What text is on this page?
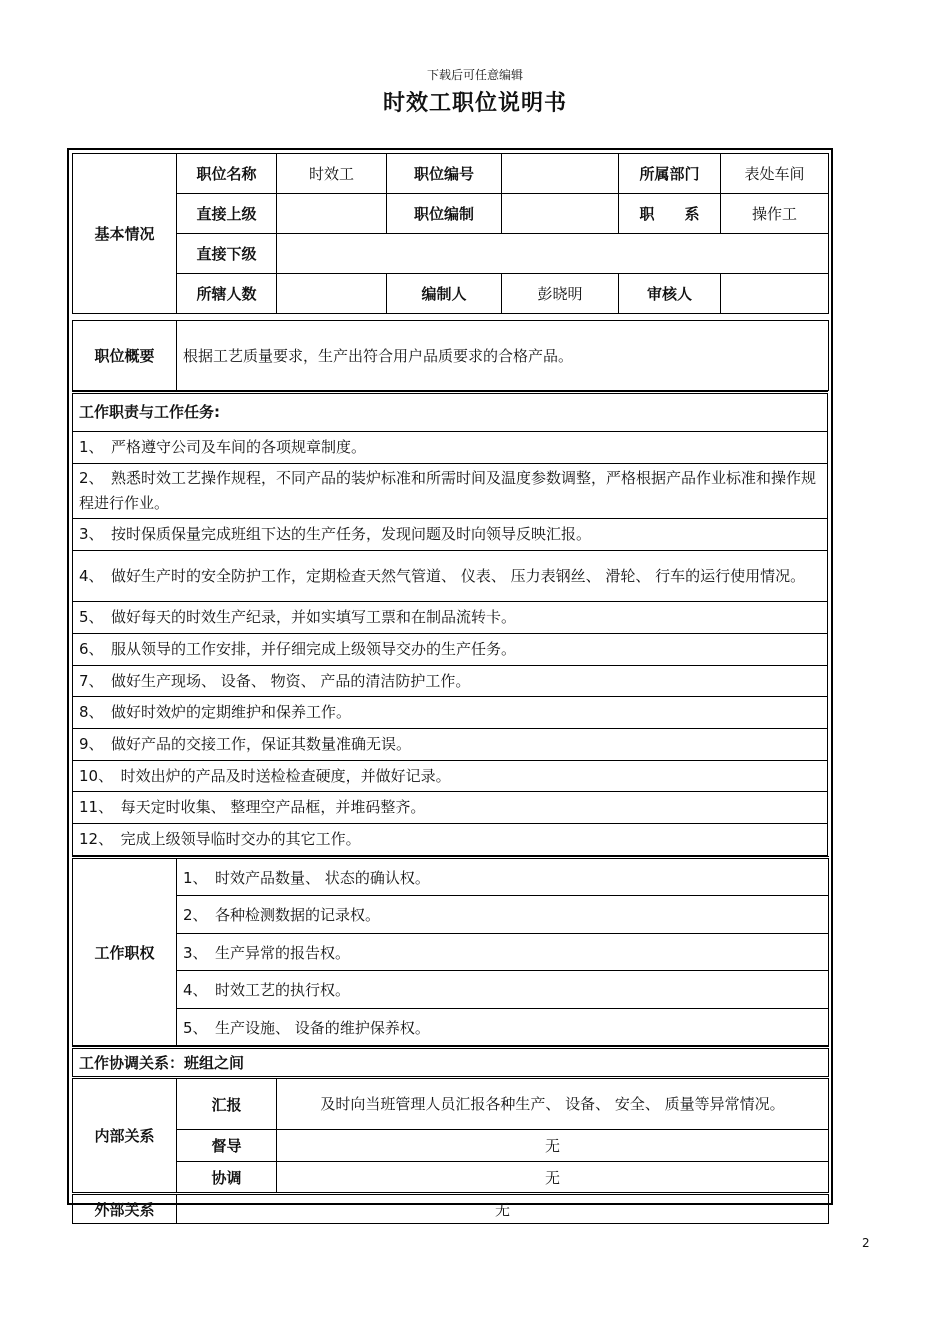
下载后可任意编辑
时效工职位说明书
基本情况	职位名称	时效工	职位编号		所属部门	表处车间
	直接上级		职位编制		职　　系	操作工
	直接下级					
	所辖人数		编制人	彭晓明	审核人	
职位概要	根据工艺质量要求，生产出符合用户品质要求的合格产品。
工作职责与工作任务:
1、　严格遵守公司及车间的各项规章制度。
2、　熟悉时效工艺操作规程，不同产品的装炉标准和所需时间及温度参数调整，严格根据产品作业标准和操作规程进行作业。
3、　按时保质保量完成班组下达的生产任务，发现问题及时向领导反映汇报。
4、　做好生产时的安全防护工作，定期检查天然气管道、 仪表、 压力表钢丝、 滑轮、 行车的运行使用情况。
5、　做好每天的时效生产纪录，并如实填写工票和在制品流转卡。
6、　服从领导的工作安排，并仔细完成上级领导交办的生产任务。
7、　做好生产现场、 设备、 物资、 产品的清洁防护工作。
8、　做好时效炉的定期维护和保养工作。
9、　做好产品的交接工作，保证其数量准确无误。
10、　时效出炉的产品及时送检检查硬度，并做好记录。
11、　每天定时收集、 整理空产品框，并堆码整齐。
12、　完成上级领导临时交办的其它工作。
工作职权	1、　时效产品数量、 状态的确认权。
2、　各种检测数据的记录权。
3、　生产异常的报告权。
4、　时效工艺的执行权。
5、　生产设施、 设备的维护保养权。
工作协调关系：班组之间		
内部关系	汇报	及时向当班管理人员汇报各种生产、 设备、 安全、 质量等异常情况。
	督导	无
	协调	无
外部关系	无	
2
